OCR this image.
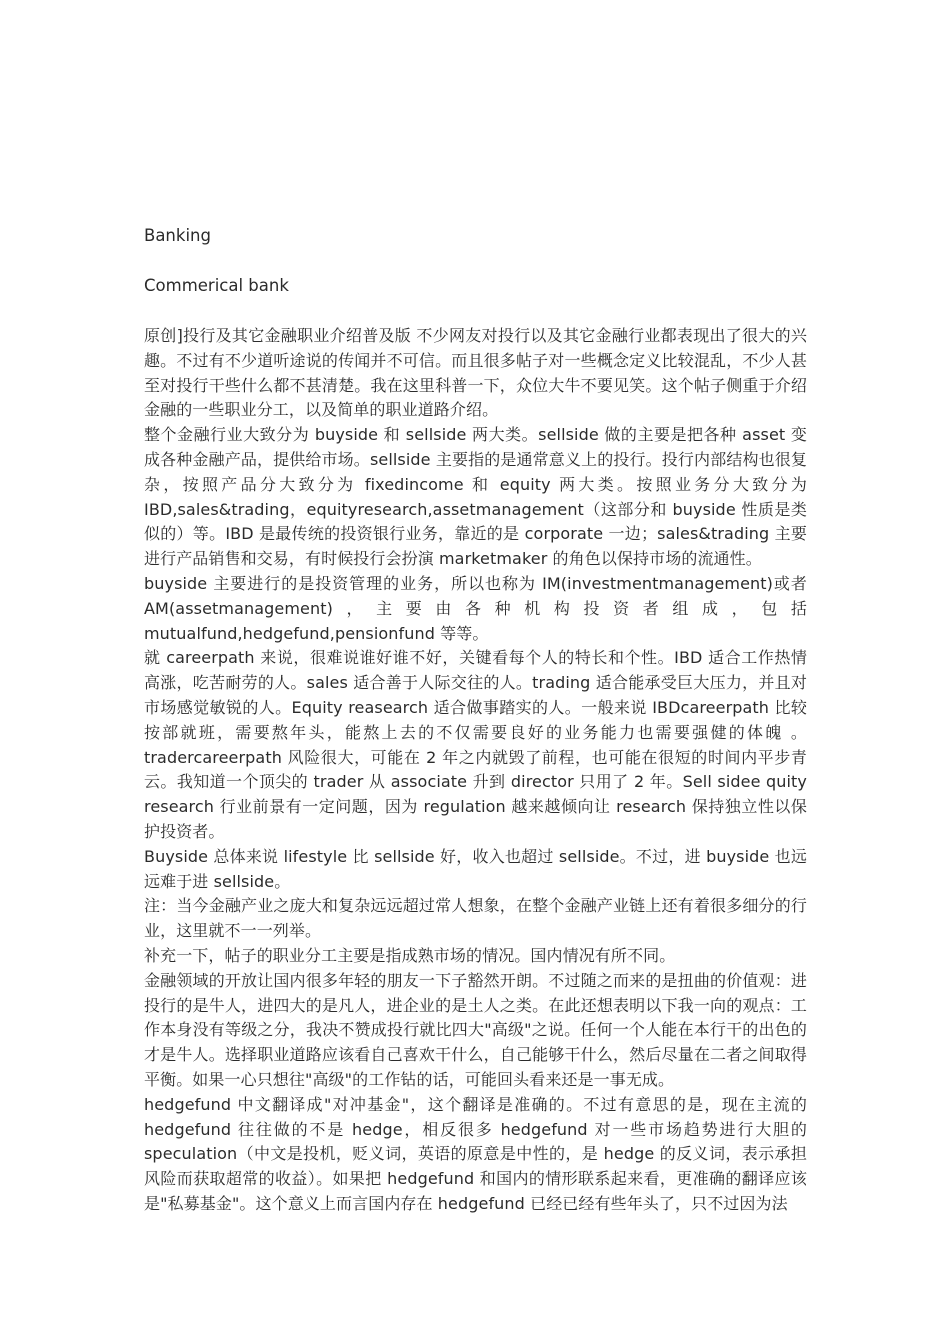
Banking

Commerical bank

原创]投行及其它金融职业介绍普及版 不少网友对投行以及其它金融行业都表现出了很大的兴趣。不过有不少道听途说的传闻并不可信。而且很多帖子对一些概念定义比较混乱，不少人甚至对投行干些什么都不甚清楚。我在这里科普一下，众位大牛不要见笑。这个帖子侧重于介绍金融的一些职业分工，以及简单的职业道路介绍。

整个金融行业大致分为 buyside 和 sellside 两大类。sellside 做的主要是把各种 asset 变成各种金融产品，提供给市场。sellside 主要指的是通常意义上的投行。投行内部结构也很复杂，按照产品分大致分为 fixedincome 和 equity 两大类。按照业务分大致分为 IBD,sales&trading，equityresearch,assetmanagement（这部分和 buyside 性质是类似的）等。IBD 是最传统的投资银行业务，靠近的是 corporate 一边；sales&trading 主要进行产品销售和交易，有时候投行会扮演 marketmaker 的角色以保持市场的流通性。

buyside 主要进行的是投资管理的业务，所以也称为 IM(investmentmanagement)或者 AM(assetmanagement)，主要由各种机构投资者组成，包括 mutualfund,hedgefund,pensionfund 等等。

就 careerpath 来说，很难说谁好谁不好，关键看每个人的特长和个性。IBD 适合工作热情高涨，吃苦耐劳的人。sales 适合善于人际交往的人。trading 适合能承受巨大压力，并且对市场感觉敏锐的人。Equity reasearch 适合做事踏实的人。一般来说 IBDcareerpath 比较按部就班，需要熬年头，能熬上去的不仅需要良好的业务能力也需要强健的体魄 。tradercareerpath 风险很大，可能在 2 年之内就毁了前程，也可能在很短的时间内平步青云。我知道一个顶尖的 trader 从 associate 升到 director 只用了 2 年。Sell sidee quity research 行业前景有一定问题，因为 regulation 越来越倾向让 research 保持独立性以保护投资者。

Buyside 总体来说 lifestyle 比 sellside 好，收入也超过 sellside。不过，进 buyside 也远远难于进 sellside。

注：当今金融产业之庞大和复杂远远超过常人想象，在整个金融产业链上还有着很多细分的行业，这里就不一一列举。

补充一下，帖子的职业分工主要是指成熟市场的情况。国内情况有所不同。

金融领域的开放让国内很多年轻的朋友一下子豁然开朗。不过随之而来的是扭曲的价值观：进投行的是牛人，进四大的是凡人，进企业的是土人之类。在此还想表明以下我一向的观点：工作本身没有等级之分，我决不赞成投行就比四大"高级"之说。任何一个人能在本行干的出色的才是牛人。选择职业道路应该看自己喜欢干什么，自己能够干什么，然后尽量在二者之间取得平衡。如果一心只想往"高级"的工作钻的话，可能回头看来还是一事无成。

hedgefund 中文翻译成"对冲基金"，这个翻译是准确的。不过有意思的是，现在主流的 hedgefund 往往做的不是 hedge，相反很多 hedgefund 对一些市场趋势进行大胆的 speculation（中文是投机，贬义词，英语的原意是中性的，是 hedge 的反义词，表示承担风险而获取超常的收益）。如果把 hedgefund 和国内的情形联系起来看，更准确的翻译应该是"私募基金"。这个意义上而言国内存在 hedgefund 已经已经有些年头了，只不过因为法
